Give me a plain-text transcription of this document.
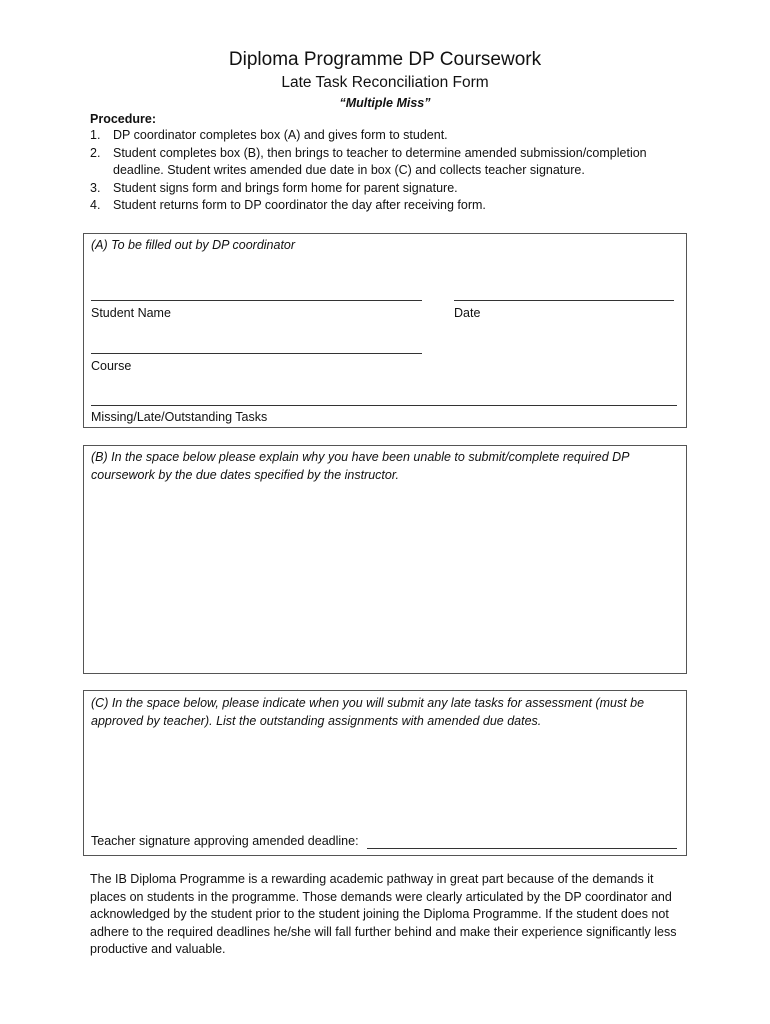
Diploma Programme DP Coursework
Late Task Reconciliation Form
“Multiple Miss”
Procedure:
1. DP coordinator completes box (A) and gives form to student.
2. Student completes box (B), then brings to teacher to determine amended submission/completion deadline. Student writes amended due date in box (C) and collects teacher signature.
3. Student signs form and brings form home for parent signature.
4. Student returns form to DP coordinator the day after receiving form.
(A) To be filled out by DP coordinator
Student Name	Date
Course
Missing/Late/Outstanding Tasks
(B) In the space below please explain why you have been unable to submit/complete required DP coursework by the due dates specified by the instructor.
(C) In the space below, please indicate when you will submit any late tasks for assessment (must be approved by teacher). List the outstanding assignments with amended due dates.
Teacher signature approving amended deadline:
The IB Diploma Programme is a rewarding academic pathway in great part because of the demands it places on students in the programme. Those demands were clearly articulated by the DP coordinator and acknowledged by the student prior to the student joining the Diploma Programme. If the student does not adhere to the required deadlines he/she will fall further behind and make their experience significantly less productive and valuable.
